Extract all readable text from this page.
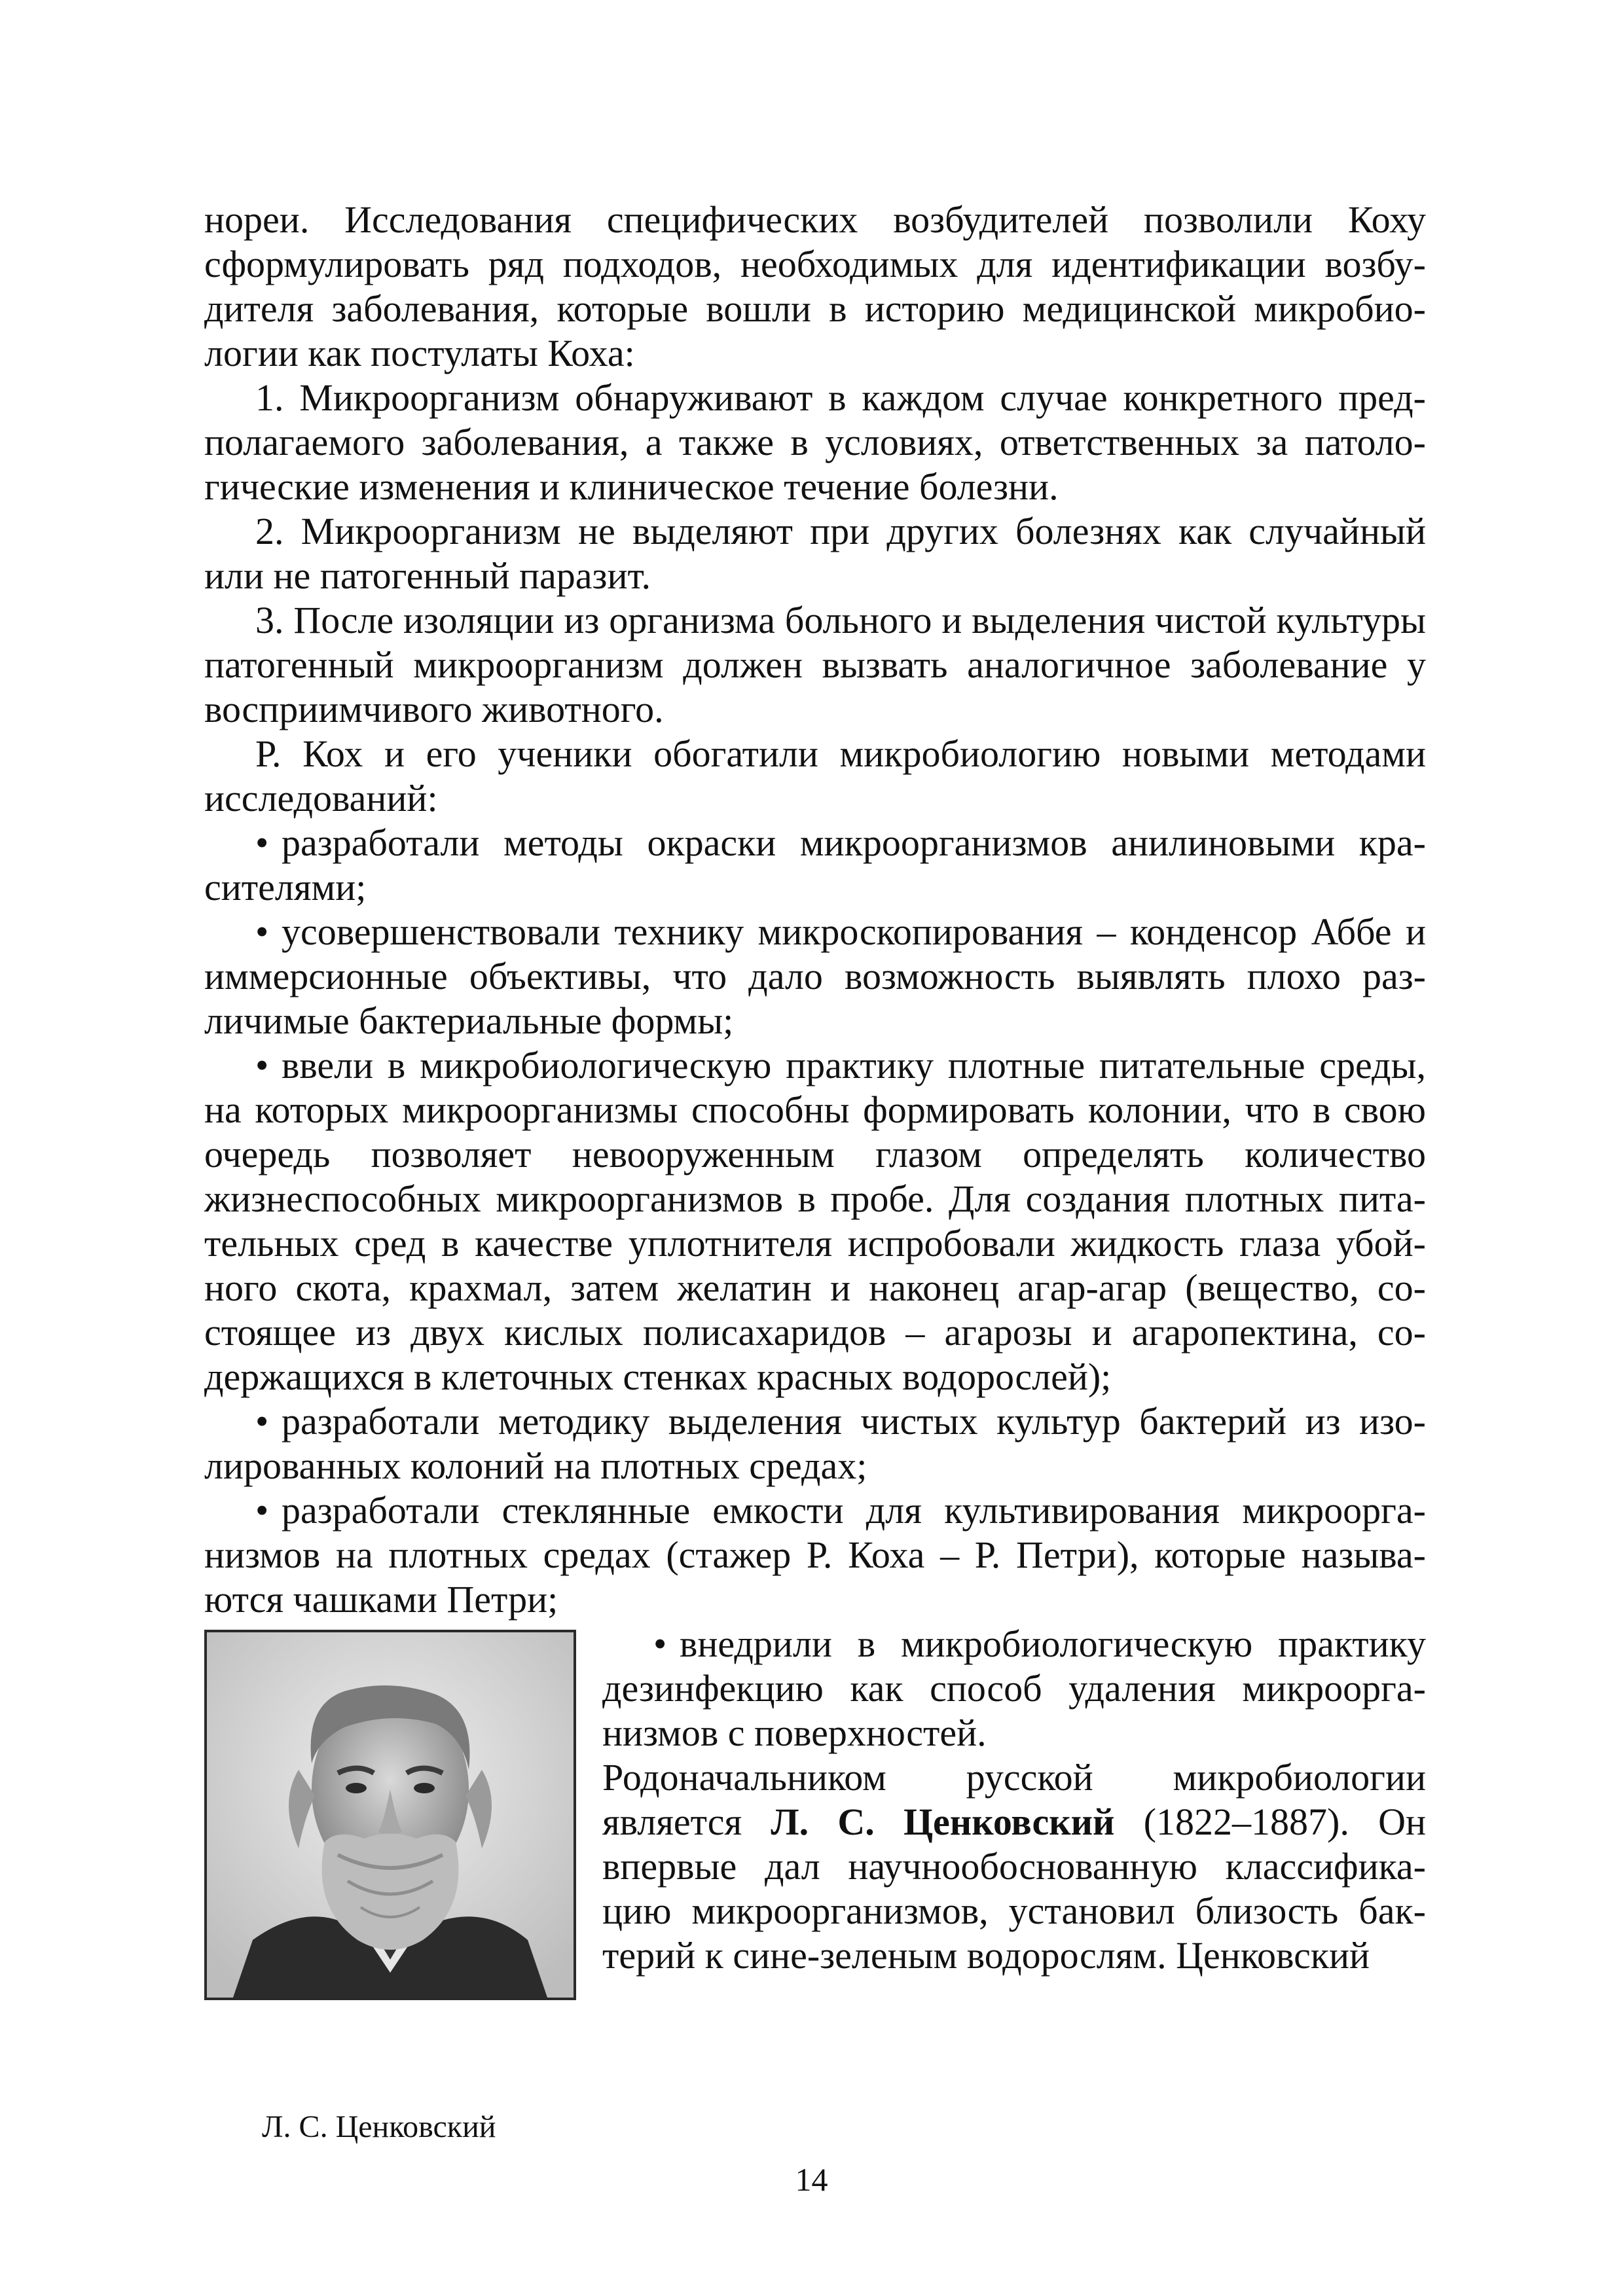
нореи. Исследования специфических возбудителей позволили Коху сформулировать ряд подходов, необходимых для идентификации возбудителя заболевания, которые вошли в историю медицинской микробиологии как постулаты Коха:

1. Микроорганизм обнаруживают в каждом случае конкретного предполагаемого заболевания, а также в условиях, ответственных за патологические изменения и клиническое течение болезни.

2. Микроорганизм не выделяют при других болезнях как случайный или не патогенный паразит.

3. После изоляции из организма больного и выделения чистой культуры патогенный микроорганизм должен вызвать аналогичное заболевание у восприимчивого животного.

Р. Кох и его ученики обогатили микробиологию новыми методами исследований:

• разработали методы окраски микроорганизмов анилиновыми красителями;

• усовершенствовали технику микроскопирования – конденсор Аббе и иммерсионные объективы, что дало возможность выявлять плохо различимые бактериальные формы;

• ввели в микробиологическую практику плотные питательные среды, на которых микроорганизмы способны формировать колонии, что в свою очередь позволяет невооруженным глазом определять количество жизнеспособных микроорганизмов в пробе. Для создания плотных питательных сред в качестве уплотнителя испробовали жидкость глаза убойного скота, крахмал, затем желатин и наконец агар-агар (вещество, состоящее из двух кислых полисахаридов – агарозы и агаропектина, содержащихся в клеточных стенках красных водорослей);

• разработали методику выделения чистых культур бактерий из изолированных колоний на плотных средах;

• разработали стеклянные емкости для культивирования микроорганизмов на плотных средах (стажер Р. Коха – Р. Петри), которые называются чашками Петри;

• внедрили в микробиологическую практику дезинфекцию как способ удаления микроорганизмов с поверхностей.

Родоначальником русской микробиологии является Л. С. Ценковский (1822–1887). Он впервые дал научнообоснованную классификацию микроорганизмов, установил близость бактерий к сине-зеленым водорослям. Ценковский

Л. С. Ценковский

14
